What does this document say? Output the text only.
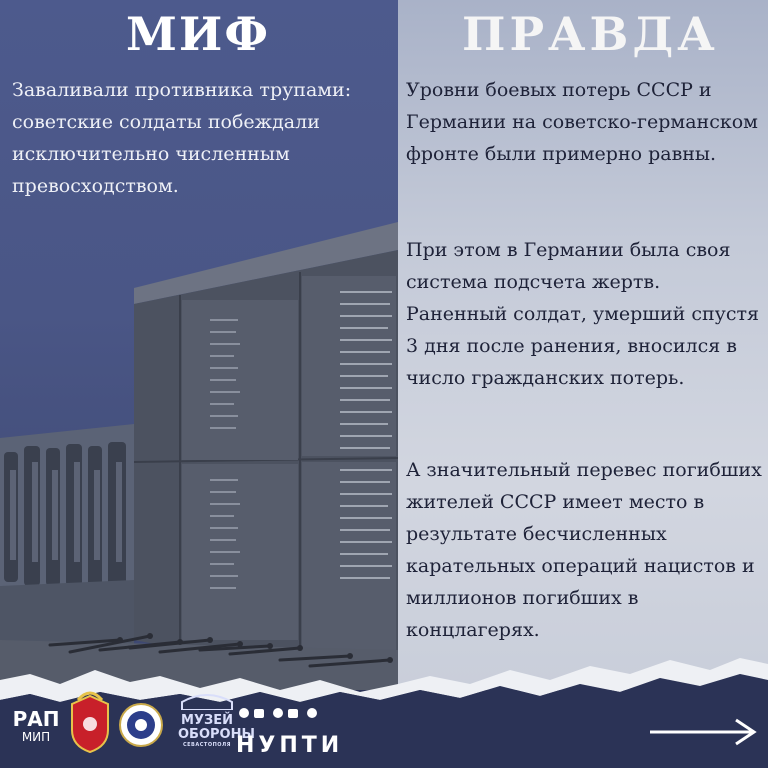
МИФ	ПРАВДА
Заваливали противника трупами: советские солдаты побеждали исключительно численным превосходством.

Уровни боевых потерь СССР и Германии на советско-германском фронте были примерно равны.

При этом в Германии была своя система подсчета жертв. Раненный солдат, умерший спустя 3 дня после ранения, вносился в число гражданских потерь.

А значительный перевес погибших жителей СССР имеет место в результате бесчисленных карательных операций нацистов и миллионов погибших в концлагерях.

РАП
МИП
МУЗЕЙ
ОБОРОНЫ
СЕВАСТОПОЛЯ НУПТИ
